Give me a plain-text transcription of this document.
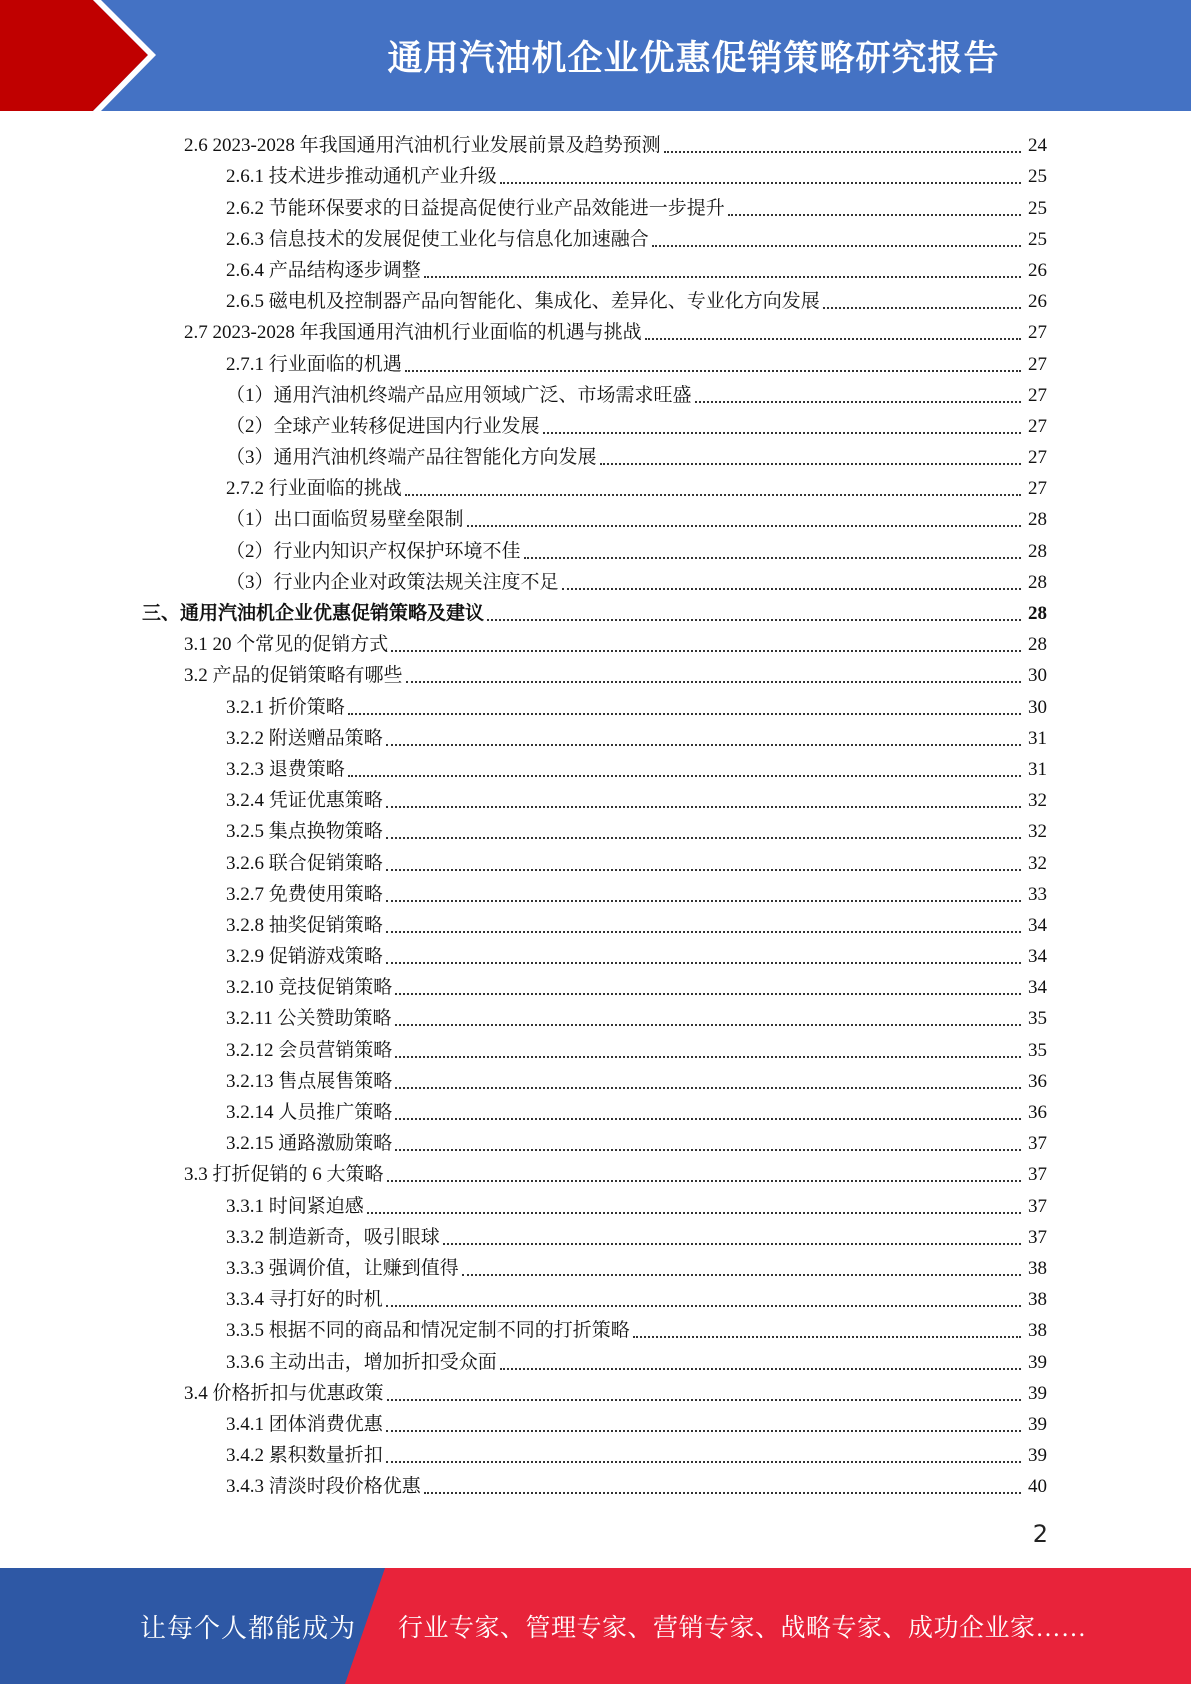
通用汽油机企业优惠促销策略研究报告
2.6 2023-2028 年我国通用汽油机行业发展前景及趋势预测	24
2.6.1 技术进步推动通机产业升级	25
2.6.2 节能环保要求的日益提高促使行业产品效能进一步提升	25
2.6.3 信息技术的发展促使工业化与信息化加速融合	25
2.6.4 产品结构逐步调整	26
2.6.5 磁电机及控制器产品向智能化、集成化、差异化、专业化方向发展	26
2.7 2023-2028 年我国通用汽油机行业面临的机遇与挑战	27
2.7.1 行业面临的机遇	27
（1）通用汽油机终端产品应用领域广泛、市场需求旺盛	27
（2）全球产业转移促进国内行业发展	27
（3）通用汽油机终端产品往智能化方向发展	27
2.7.2 行业面临的挑战	27
（1）出口面临贸易壁垒限制	28
（2）行业内知识产权保护环境不佳	28
（3）行业内企业对政策法规关注度不足	28
三、通用汽油机企业优惠促销策略及建议	28
3.1 20 个常见的促销方式	28
3.2 产品的促销策略有哪些	30
3.2.1 折价策略	30
3.2.2 附送赠品策略	31
3.2.3 退费策略	31
3.2.4 凭证优惠策略	32
3.2.5 集点换物策略	32
3.2.6 联合促销策略	32
3.2.7 免费使用策略	33
3.2.8 抽奖促销策略	34
3.2.9 促销游戏策略	34
3.2.10 竞技促销策略	34
3.2.11 公关赞助策略	35
3.2.12 会员营销策略	35
3.2.13 售点展售策略	36
3.2.14 人员推广策略	36
3.2.15 通路激励策略	37
3.3 打折促销的 6 大策略	37
3.3.1 时间紧迫感	37
3.3.2 制造新奇，吸引眼球	37
3.3.3 强调价值，让赚到值得	38
3.3.4 寻打好的时机	38
3.3.5 根据不同的商品和情况定制不同的打折策略	38
3.3.6 主动出击，增加折扣受众面	39
3.4 价格折扣与优惠政策	39
3.4.1 团体消费优惠	39
3.4.2 累积数量折扣	39
3.4.3 清淡时段价格优惠	40
2
让每个人都能成为 行业专家、管理专家、营销专家、战略专家、成功企业家……
